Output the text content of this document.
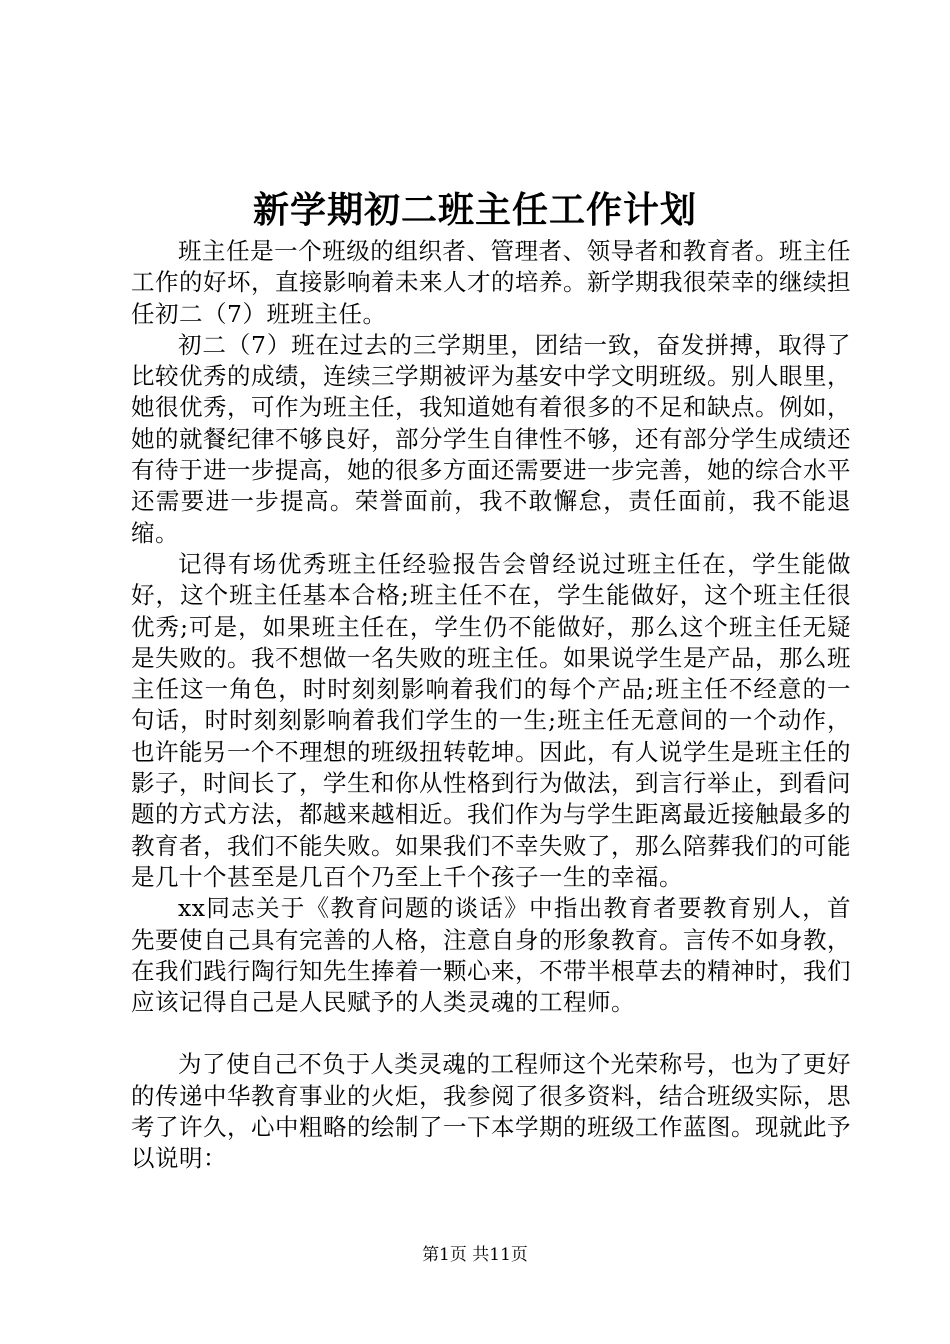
新学期初二班主任工作计划

班主任是一个班级的组织者、管理者、领导者和教育者。班主任工作的好坏，直接影响着未来人才的培养。新学期我很荣幸的继续担任初二（7）班班主任。

初二（7）班在过去的三学期里，团结一致，奋发拼搏，取得了比较优秀的成绩，连续三学期被评为基安中学文明班级。别人眼里，她很优秀，可作为班主任，我知道她有着很多的不足和缺点。例如，她的就餐纪律不够良好，部分学生自律性不够，还有部分学生成绩还有待于进一步提高，她的很多方面还需要进一步完善，她的综合水平还需要进一步提高。荣誉面前，我不敢懈怠，责任面前，我不能退缩。

记得有场优秀班主任经验报告会曾经说过班主任在，学生能做好，这个班主任基本合格;班主任不在，学生能做好，这个班主任很优秀;可是，如果班主任在，学生仍不能做好，那么这个班主任无疑是失败的。我不想做一名失败的班主任。如果说学生是产品，那么班主任这一角色，时时刻刻影响着我们的每个产品;班主任不经意的一句话，时时刻刻影响着我们学生的一生;班主任无意间的一个动作，也许能另一个不理想的班级扭转乾坤。因此，有人说学生是班主任的影子，时间长了，学生和你从性格到行为做法，到言行举止，到看问题的方式方法，都越来越相近。我们作为与学生距离最近接触最多的教育者，我们不能失败。如果我们不幸失败了，那么陪葬我们的可能是几十个甚至是几百个乃至上千个孩子一生的幸福。

xx同志关于《教育问题的谈话》中指出教育者要教育别人，首先要使自己具有完善的人格，注意自身的形象教育。言传不如身教，在我们践行陶行知先生捧着一颗心来，不带半根草去的精神时，我们应该记得自己是人民赋予的人类灵魂的工程师。

为了使自己不负于人类灵魂的工程师这个光荣称号，也为了更好的传递中华教育事业的火炬，我参阅了很多资料，结合班级实际，思考了许久，心中粗略的绘制了一下本学期的班级工作蓝图。现就此予以说明：

第1页 共11页
